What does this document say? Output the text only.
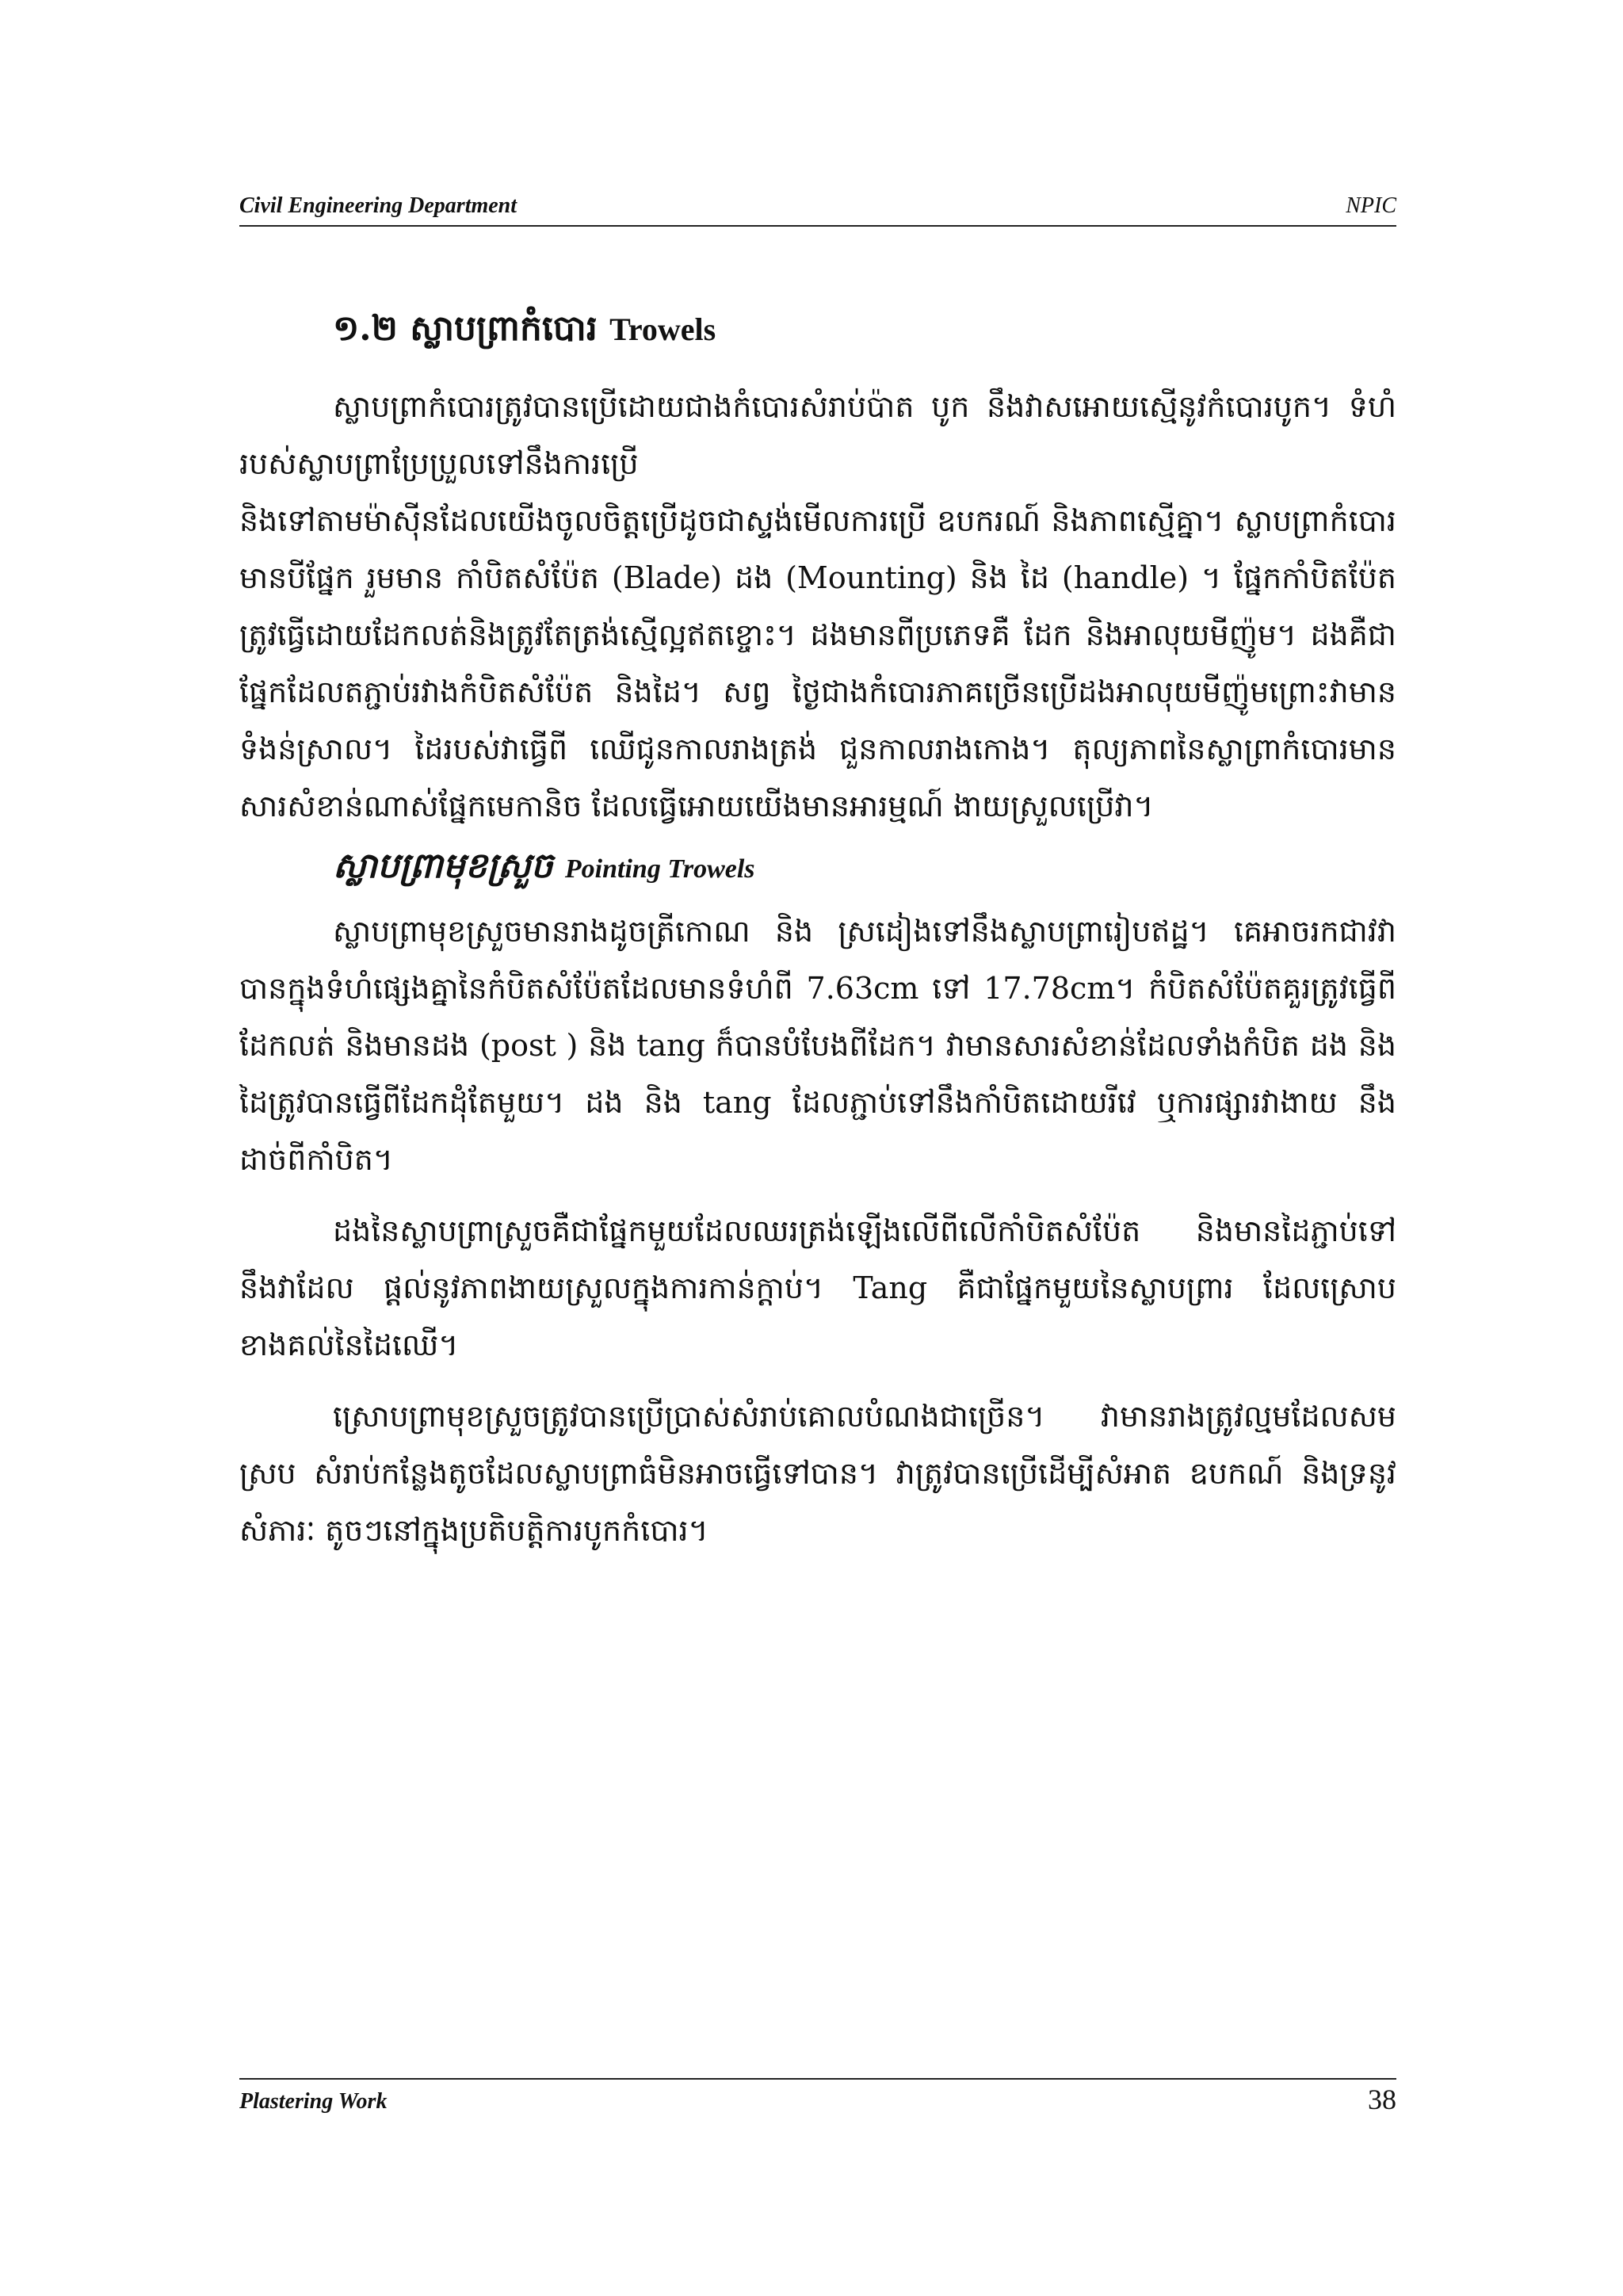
Civil Engineering Department	NPIC
១.២ ស្លាបព្រាកំបោរ Trowels

ស្លាបព្រាកំបោរត្រូវបានប្រើដោយជាងកំបោរសំរាប់ប៉ាត បូក នឹងវាសអោយស្មើនូវកំបោរបូក។ ទំហំរបស់ស្លាបព្រាប្រែប្រួលទៅនឹងការប្រើ

និងទៅតាមម៉ាស៊ីនដែលយើងចូលចិត្តប្រើដូចជាស្ទង់មើលការប្រើ ឧបករណ៍ និងភាពស្មើគ្នា។ ស្លាបព្រាកំបោរមានបីផ្នែក រួមមាន កាំបិតសំប៉ែត (Blade) ដង (Mounting) និង ដៃ (handle) ។ ផ្នែកកាំបិតប៉ែតត្រូវធ្វើដោយដែកលត់និងត្រូវតែត្រង់ស្មើល្អឥតខ្ចោះ។ ដងមានពីប្រភេទគឺ ដែក និងអាលុយមីញ៉ូម។ ដងគឺជាផ្នែកដែលតភ្ជាប់រវាងកំបិតសំប៉ែត និងដៃ។ សព្វ ថ្ងៃជាងកំបោរភាគច្រើនប្រើដងអាលុយមីញ៉ូមព្រោះវាមានទំងន់ស្រាល។ ដៃរបស់វាធ្វើពី ឈើជូនកាលរាងត្រង់ ជួនកាលរាងកោង។ តុល្យភាពនៃស្លាព្រាកំបោរមានសារសំខាន់ណាស់ផ្នែកមេកានិច ដែលធ្វើអោយយើងមានអារម្មណ៍ ងាយស្រួលប្រើវា។

ស្លាបព្រាមុខស្រួច Pointing Trowels

ស្លាបព្រាមុខស្រួចមានរាងដូចត្រីកោណ និង ស្រដៀងទៅនឹងស្លាបព្រារៀបឥដ្ឋ។ គេអាចរកជាវវាបានក្នុងទំហំផ្សេងគ្នានៃកំបិតសំប៉ែតដែលមានទំហំពី 7.63cm ទៅ 17.78cm។ កំបិតសំប៉ែតគួរត្រូវធ្វើពីដែកលត់ និងមានដង (post ) និង tang ក៏បានបំបែងពីដែក។ វាមានសារសំខាន់ដែលទាំងកំបិត ដង និង ដៃត្រូវបានធ្វើពីដែកដុំតែមួយ។ ដង និង tang ដែលភ្ជាប់ទៅនឹងកាំបិតដោយរីវេ ឬការផ្សារវាងាយ នឹងដាច់ពីកាំបិត។

ដងនៃស្លាបព្រាស្រួចគឺជាផ្នែកមួយដែលឈរត្រង់ឡើងលើពីលើកាំបិតសំប៉ែត និងមានដៃភ្ជាប់ទៅនឹងវាដែល ផ្តល់នូវភាពងាយស្រួលក្នុងការកាន់ក្តាប់។ Tang គឺជាផ្នែកមួយនៃស្លាបព្រារ ដែលស្រោបខាងគល់នៃដៃឈើ។

ស្រោបព្រាមុខស្រួចត្រូវបានប្រើប្រាស់សំរាប់គោលបំណងជាច្រើន។ វាមានរាងត្រូវល្មមដែលសមស្រប សំរាប់កន្លែងតូចដែលស្លាបព្រាធំមិនអាចធ្វើទៅបាន។ វាត្រូវបានប្រើដើម្បីសំអាត ឧបកណ៍ និងទ្រនូវ សំភារៈ តូចៗនៅក្នុងប្រតិបត្តិការបូកកំបោរ។

Plastering Work	38
